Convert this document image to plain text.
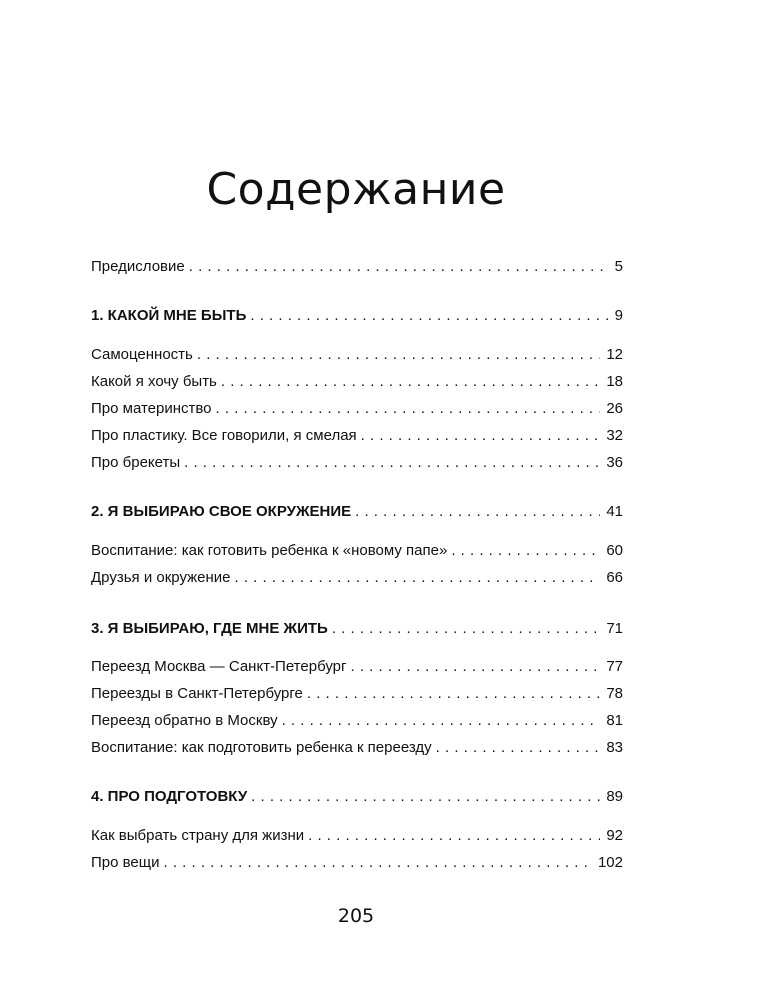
Содержание
Предисловие . . .	5
1. КАКОЙ МНЕ БЫТЬ . . .	9
Самоценность . . .	12
Какой я хочу быть . . .	18
Про материнство . . .	26
Про пластику. Все говорили, я смелая . . .	32
Про брекеты . . .	36
2. Я ВЫБИРАЮ СВОЕ ОКРУЖЕНИЕ . . .	41
Воспитание: как готовить ребенка к «новому папе» . . .	60
Друзья и окружение . . .	66
3. Я ВЫБИРАЮ, ГДЕ МНЕ ЖИТЬ . . .	71
Переезд Москва — Санкт-Петербург . . .	77
Переезды в Санкт-Петербурге . . .	78
Переезд обратно в Москву . . .	81
Воспитание: как подготовить ребенка к переезду . . .	83
4. ПРО ПОДГОТОВКУ . . .	89
Как выбрать страну для жизни . . .	92
Про вещи . . .	102
205
